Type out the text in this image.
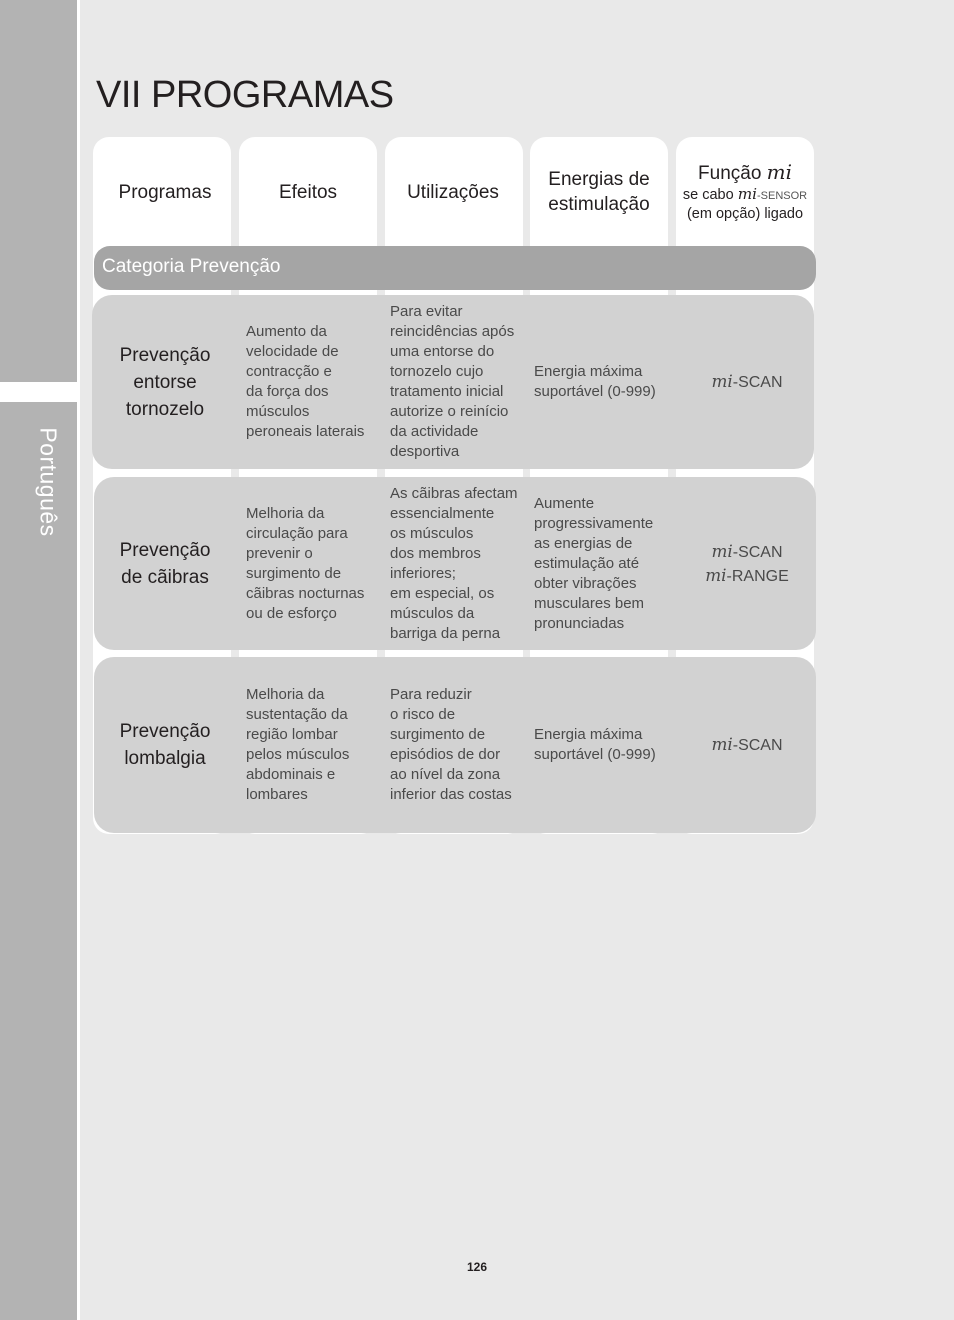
Português
VII PROGRAMAS
Programas	Efeitos	Utilizações
Energias de
estimulação
Função mi
se cabo mi-SENSOR
(em opção) ligado
Categoria Prevenção
Prevenção
entorse
tornozelo
Aumento da
velocidade de
contracção e
da força dos
músculos
peroneais laterais
Para evitar
reincidências após
uma entorse do
tornozelo cujo
tratamento inicial
autorize o reinício
da actividade
desportiva
Energia máxima
suportável (0-999)
mi-SCAN
Prevenção
de cãibras
Melhoria da
circulação para
prevenir o
surgimento de
cãibras nocturnas
ou de esforço
As cãibras afectam
essencialmente
os músculos
dos membros
inferiores;
em especial, os
músculos da
barriga da perna
Aumente
progressivamente
as energias de
estimulação até
obter vibrações
musculares bem
pronunciadas
mi-SCAN
mi-RANGE
Prevenção
lombalgia
Melhoria da
sustentação da
região lombar
pelos músculos
abdominais e
lombares
Para reduzir
o risco de
surgimento de
episódios de dor
ao nível da zona
inferior das costas
Energia máxima
suportável (0-999)
mi-SCAN
126
